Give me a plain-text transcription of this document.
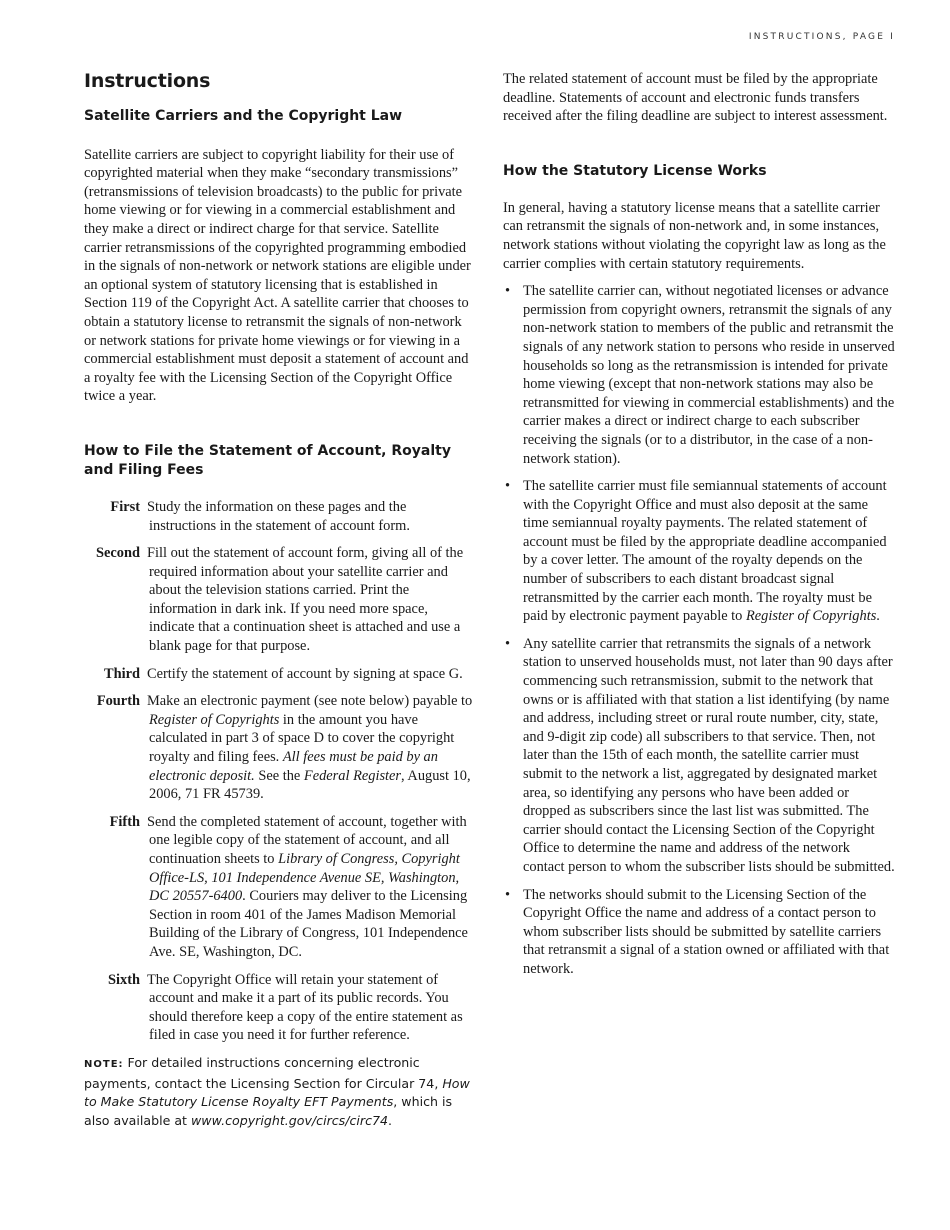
INSTRUCTIONS, PAGE I
Instructions
Satellite Carriers and the Copyright Law

Satellite carriers are subject to copyright liability for their use of copyrighted material when they make “secondary transmissions” (retransmissions of television broadcasts) to the public for private home viewing or for viewing in a commercial establishment and they make a direct or indirect charge for that service. Satellite carrier retransmissions of the copyrighted programming embodied in the signals of non-network or network stations are eligible under an optional system of statutory licensing that is established in Section 119 of the Copyright Act. A satellite carrier that chooses to obtain a statutory license to retransmit the signals of non-network or network stations for private home viewings or for viewing in a commercial establishment must deposit a statement of account and a royalty fee with the Licensing Section of the Copyright Office twice a year.

How to File the Statement of Account, Royalty and Filing Fees
First Study the information on these pages and the instructions in the statement of account form.
Second Fill out the statement of account form, giving all of the required information about your satellite carrier and about the television stations carried. Print the information in dark ink. If you need more space, indicate that a continuation sheet is attached and use a blank page for that purpose.
Third Certify the statement of account by signing at space G.
Fourth Make an electronic payment (see note below) payable to Register of Copyrights in the amount you have calculated in part 3 of space D to cover the copyright royalty and filing fees. All fees must be paid by an electronic deposit. See the Federal Register, August 10, 2006, 71 FR 45739.
Fifth Send the completed statement of account, together with one legible copy of the statement of account, and all continuation sheets to Library of Congress, Copyright Office-LS, 101 Independence Avenue SE, Washington, DC 20557-6400. Couriers may deliver to the Licensing Section in room 401 of the James Madison Memorial Building of the Library of Congress, 101 Independence Ave. SE, Washington, DC.
Sixth The Copyright Office will retain your statement of account and make it a part of its public records. You should therefore keep a copy of the entire statement as filed in case you need it for further reference.

NOTE: For detailed instructions concerning electronic payments, contact the Licensing Section for Circular 74, How to Make Statutory License Royalty EFT Payments, which is also available at www.copyright.gov/circs/circ74.

The related statement of account must be filed by the appropriate deadline. Statements of account and electronic funds transfers received after the filing deadline are subject to interest assessment.

How the Statutory License Works

In general, having a statutory license means that a satellite carrier can retransmit the signals of non-network and, in some instances, network stations without violating the copyright law as long as the carrier complies with certain statutory requirements.

• The satellite carrier can, without negotiated licenses or advance permission from copyright owners, retransmit the signals of any non-network station to members of the public and retransmit the signals of any network station to persons who reside in unserved households so long as the retransmission is intended for private home viewing (except that non-network stations may also be retransmitted for viewing in commercial establishments) and the carrier makes a direct or indirect charge to each subscriber receiving the signals (or to a distributor, in the case of a non-network station).
• The satellite carrier must file semiannual statements of account with the Copyright Office and must also deposit at the same time semiannual royalty payments. The related statement of account must be filed by the appropriate deadline accompanied by a cover letter. The amount of the royalty depends on the number of subscribers to each distant broadcast signal retransmitted by the carrier each month. The royalty must be paid by electronic payment payable to Register of Copyrights.
• Any satellite carrier that retransmits the signals of a network station to unserved households must, not later than 90 days after commencing such retransmission, submit to the network that owns or is affiliated with that station a list identifying (by name and address, including street or rural route number, city, state, and 9-digit zip code) all subscribers to that service. Then, not later than the 15th of each month, the satellite carrier must submit to the network a list, aggregated by designated market area, so identifying any persons who have been added or dropped as subscribers since the last list was submitted. The carrier should contact the Licensing Section of the Copyright Office to determine the name and address of the network contact person to whom the subscriber lists should be submitted.
• The networks should submit to the Licensing Section of the Copyright Office the name and address of a contact person to whom subscriber lists should be submitted by satellite carriers that retransmit a signal of a station owned or affiliated with that network.
